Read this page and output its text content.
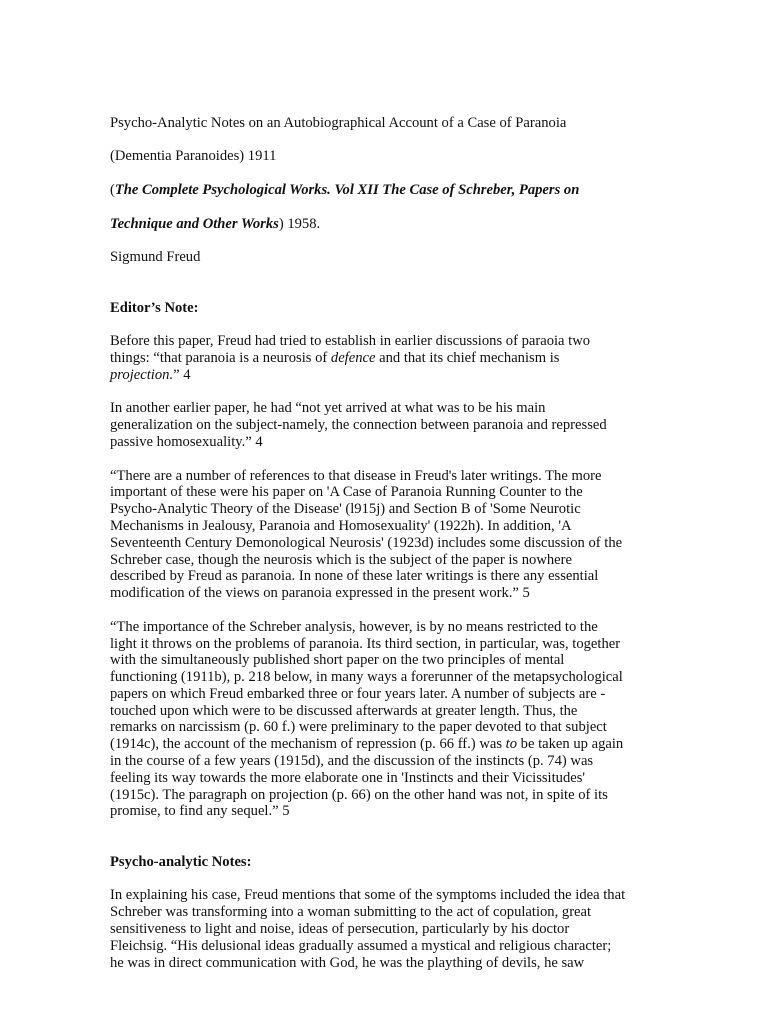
Psycho-Analytic Notes on an Autobiographical Account of a Case of Paranoia

(Dementia Paranoides) 1911

(The Complete Psychological Works. Vol XII The Case of Schreber, Papers on

Technique and Other Works) 1958.

Sigmund Freud
Editor’s Note:
Before this paper, Freud had tried to establish in earlier discussions of paraoia two
things: “that paranoia is a neurosis of defence and that its chief mechanism is
projection.” 4
In another earlier paper, he had “not yet arrived at what was to be his main
generalization on the subject-namely, the connection between paranoia and repressed
passive homosexuality.” 4
“There are a number of references to that disease in Freud's later writings. The more
important of these were his paper on 'A Case of Paranoia Running Counter to the
Psycho-Analytic Theory of the Disease' (l915j) and Section B of 'Some Neurotic
Mechanisms in Jealousy, Paranoia and Homosexuality' (1922h). In addition, 'A
Seventeenth Century Demonological Neurosis' (1923d) includes some discussion of the
Schreber case, though the neurosis which is the subject of the paper is nowhere
described by Freud as paranoia. In none of these later writings is there any essential
modification of the views on paranoia expressed in the present work.” 5
“The importance of the Schreber analysis, however, is by no means restricted to the
light it throws on the problems of paranoia. Its third section, in particular, was, together
with the simultaneously published short paper on the two principles of mental
functioning (1911b), p. 218 below, in many ways a forerunner of the metapsychological
papers on which Freud embarked three or four years later. A number of subjects are -
touched upon which were to be discussed afterwards at greater length. Thus, the
remarks on narcissism (p. 60 f.) were preliminary to the paper devoted to that subject
(1914c), the account of the mechanism of repression (p. 66 ff.) was to be taken up again
in the course of a few years (1915d), and the discussion of the instincts (p. 74) was
feeling its way towards the more elaborate one in 'Instincts and their Vicissitudes'
(1915c). The paragraph on projection (p. 66) on the other hand was not, in spite of its
promise, to find any sequel.” 5
Psycho-analytic Notes:
In explaining his case, Freud mentions that some of the symptoms included the idea that
Schreber was transforming into a woman submitting to the act of copulation, great
sensitiveness to light and noise, ideas of persecution, particularly by his doctor
Fleichsig. “His delusional ideas gradually assumed a mystical and religious character;
he was in direct communication with God, he was the plaything of devils, he saw
